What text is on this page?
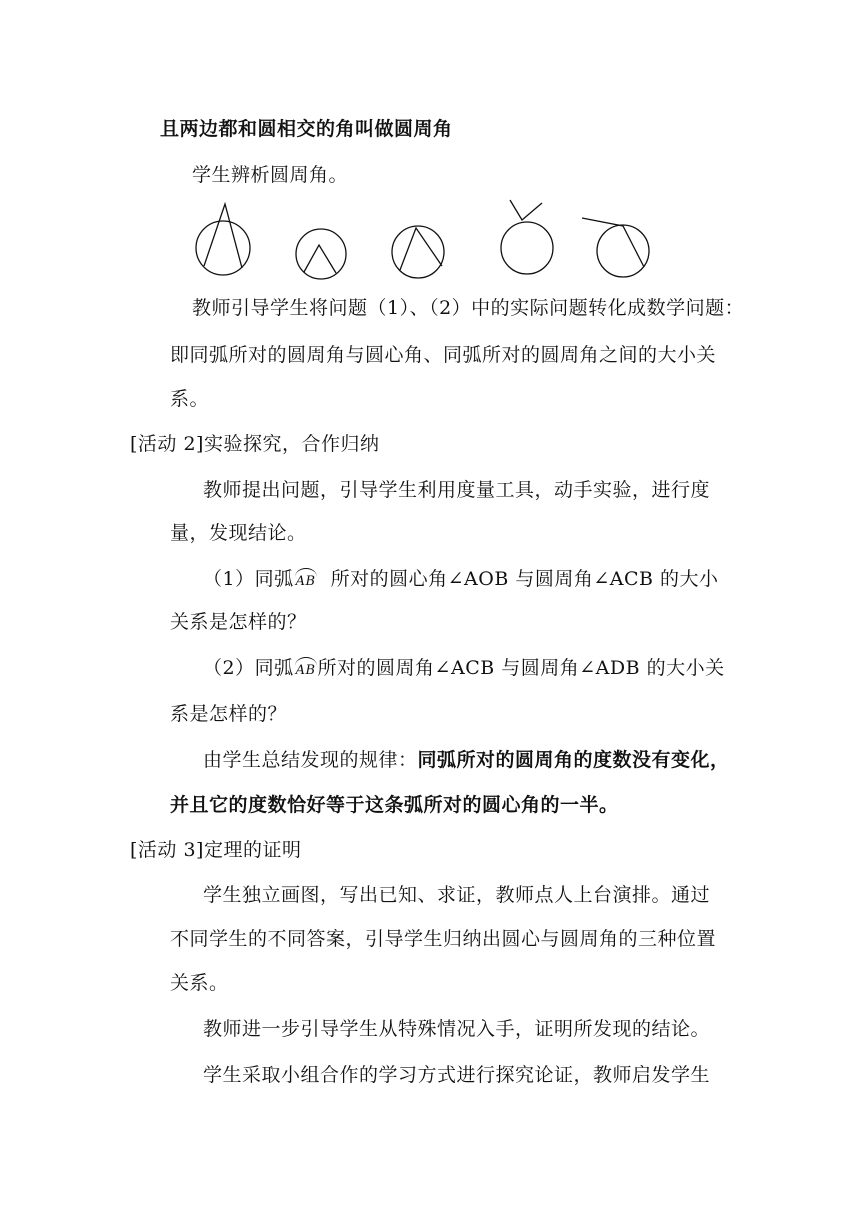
且两边都和圆相交的角叫做圆周角
学生辨析圆周角。
教师引导学生将问题（1）、（2）中的实际问题转化成数学问题：
即同弧所对的圆周角与圆心角、同弧所对的圆周角之间的大小关
系。
[活动 2]实验探究，合作归纳
教师提出问题，引导学生利用度量工具，动手实验，进行度
量，发现结论。
（1）同弧 AB 所对的圆心角∠AOB 与圆周角∠ACB 的大小
关系是怎样的？
（2）同弧 AB 所对的圆周角∠ACB 与圆周角∠ADB 的大小关
系是怎样的？
由学生总结发现的规律：同弧所对的圆周角的度数没有变化，
并且它的度数恰好等于这条弧所对的圆心角的一半。
[活动 3]定理的证明
学生独立画图，写出已知、求证，教师点人上台演排。通过
不同学生的不同答案，引导学生归纳出圆心与圆周角的三种位置
关系。
教师进一步引导学生从特殊情况入手，证明所发现的结论。
学生采取小组合作的学习方式进行探究论证，教师启发学生
